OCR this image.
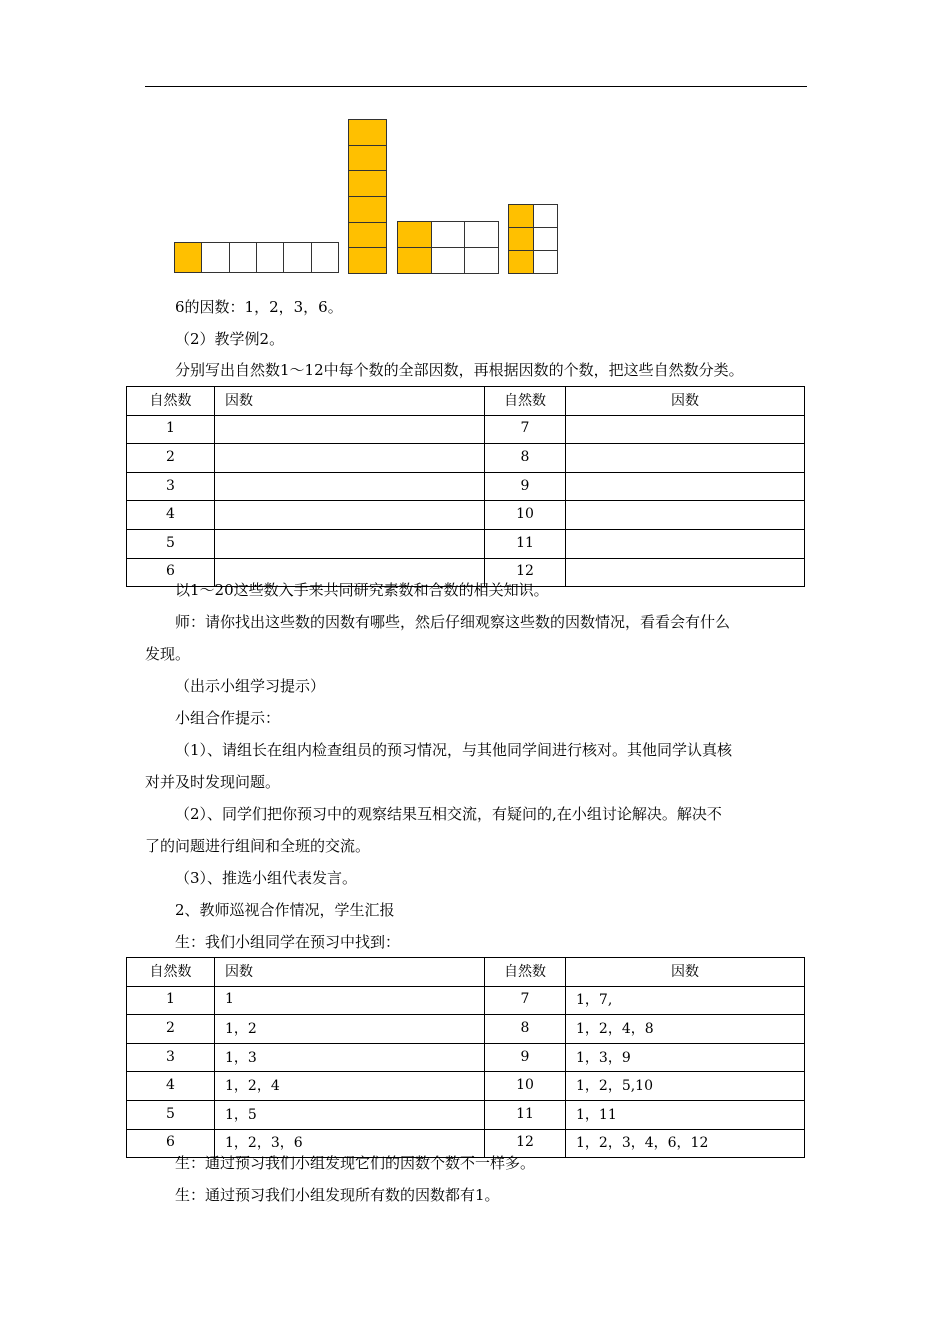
6的因数：1，2，3，6。
（2）教学例2。
分别写出自然数1～12中每个数的全部因数，再根据因数的个数，把这些自然数分类。
自然数	因数	自然数	因数
1		7	
2		8	
3		9	
4		10	
5		11	
6		12	
以1～20这些数入手来共同研究素数和合数的相关知识。
师：请你找出这些数的因数有哪些，然后仔细观察这些数的因数情况，看看会有什么
发现。
（出示小组学习提示）
小组合作提示：
（1）、请组长在组内检查组员的预习情况，与其他同学间进行核对。其他同学认真核
对并及时发现问题。
（2）、同学们把你预习中的观察结果互相交流，有疑问的,在小组讨论解决。解决不
了的问题进行组间和全班的交流。
（3）、推选小组代表发言。
2、教师巡视合作情况，学生汇报
生：我们小组同学在预习中找到：
自然数	因数	自然数	因数
1	1	7	1，7,
2	1，2	8	1，2，4，8
3	1，3	9	1，3，9
4	1，2，4	10	1，2，5,10
5	1，5	11	1，11
6	1，2，3，6	12	1，2，3，4，6，12
生：通过预习我们小组发现它们的因数个数不一样多。
生：通过预习我们小组发现所有数的因数都有1。
